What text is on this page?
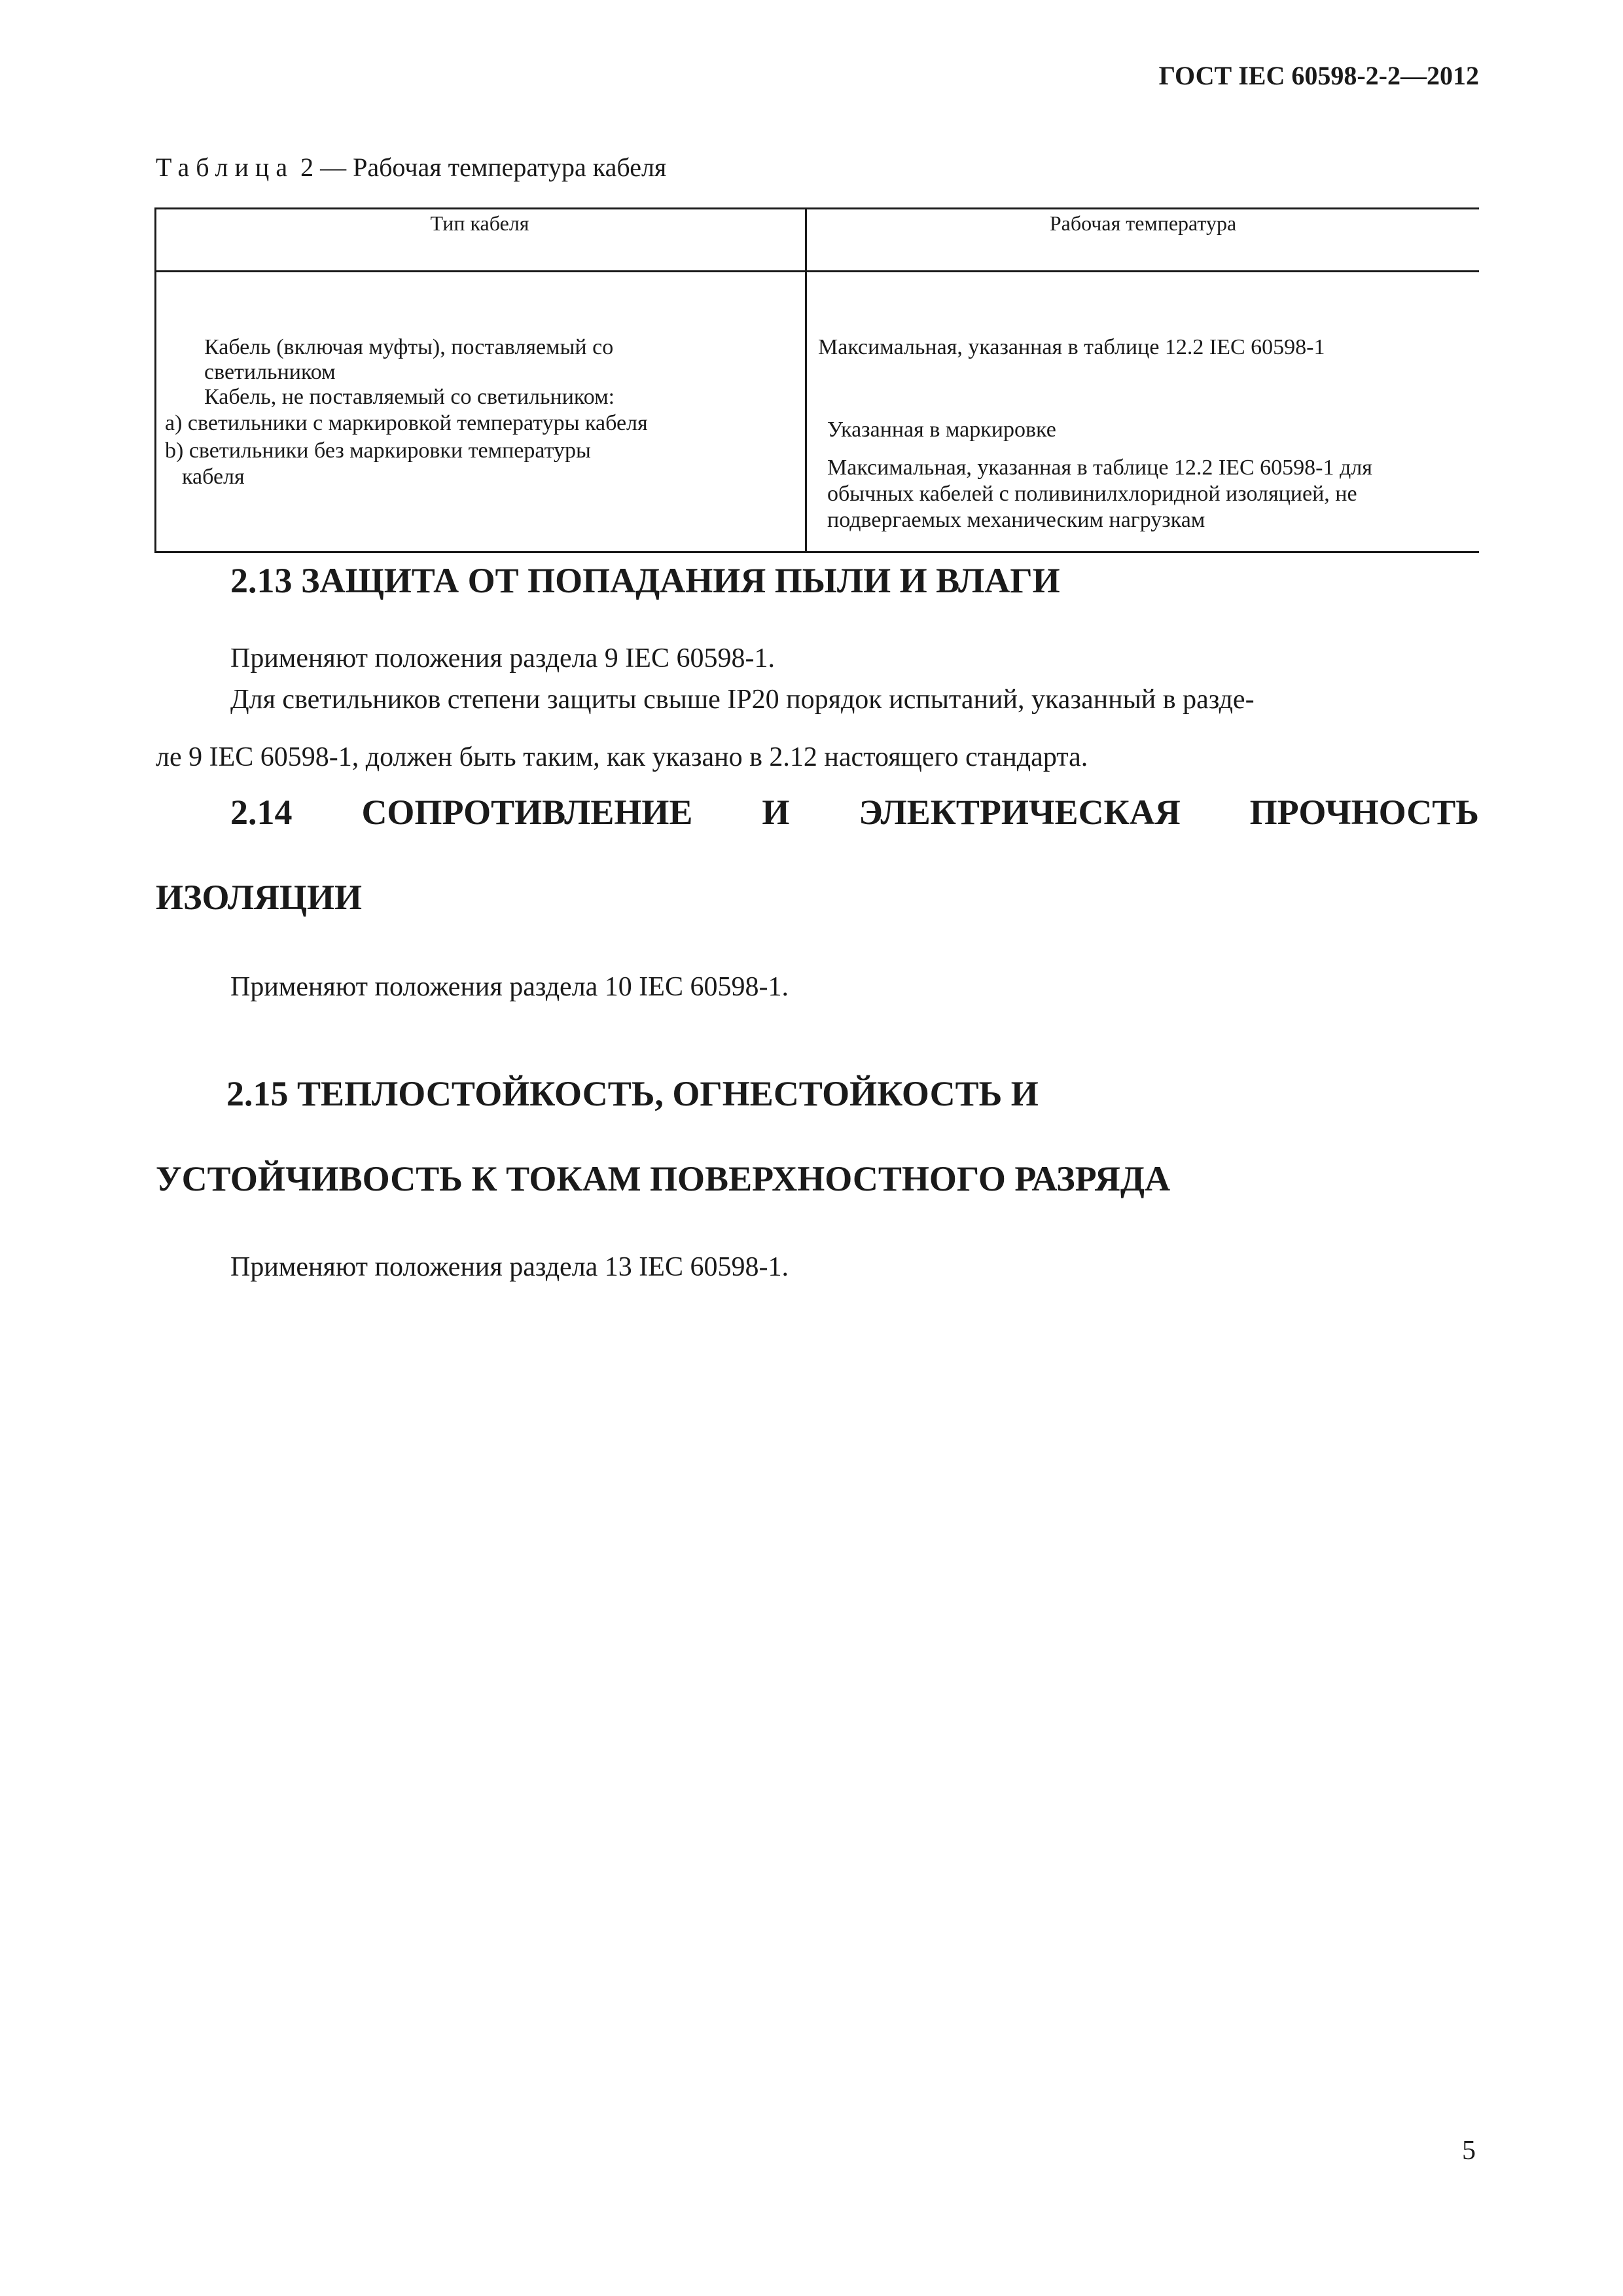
ГОСТ IEC 60598-2-2—2012
Таблица 2 — Рабочая температура кабеля
Тип кабеля	Рабочая температура
Кабель (включая муфты), поставляемый со
светильником
Кабель, не поставляемый со светильником:
a) светильники с маркировкой температуры кабеля
b) светильники без маркировки температуры
кабеля
Максимальная, указанная в таблице 12.2 IEC 60598-1
Указанная в маркировке
Максимальная, указанная в таблице 12.2 IEC 60598-1 для
обычных кабелей с поливинилхлоридной изоляцией, не
подвергаемых механическим нагрузкам
2.13 ЗАЩИТА ОТ ПОПАДАНИЯ ПЫЛИ И ВЛАГИ
Применяют положения раздела 9 IEC 60598-1.
Для светильников степени защиты свыше IP20 порядок испытаний, указанный в разде-
ле 9 IEC 60598-1, должен быть таким, как указано в 2.12 настоящего стандарта.
2.14 СОПРОТИВЛЕНИЕ И ЭЛЕКТРИЧЕСКАЯ ПРОЧНОСТЬ
ИЗОЛЯЦИИ
Применяют положения раздела 10 IEC 60598-1.
2.15 ТЕПЛОСТОЙКОСТЬ, ОГНЕСТОЙКОСТЬ И
УСТОЙЧИВОСТЬ К ТОКАМ ПОВЕРХНОСТНОГО РАЗРЯДА
Применяют положения раздела 13 IEC 60598-1.
5
